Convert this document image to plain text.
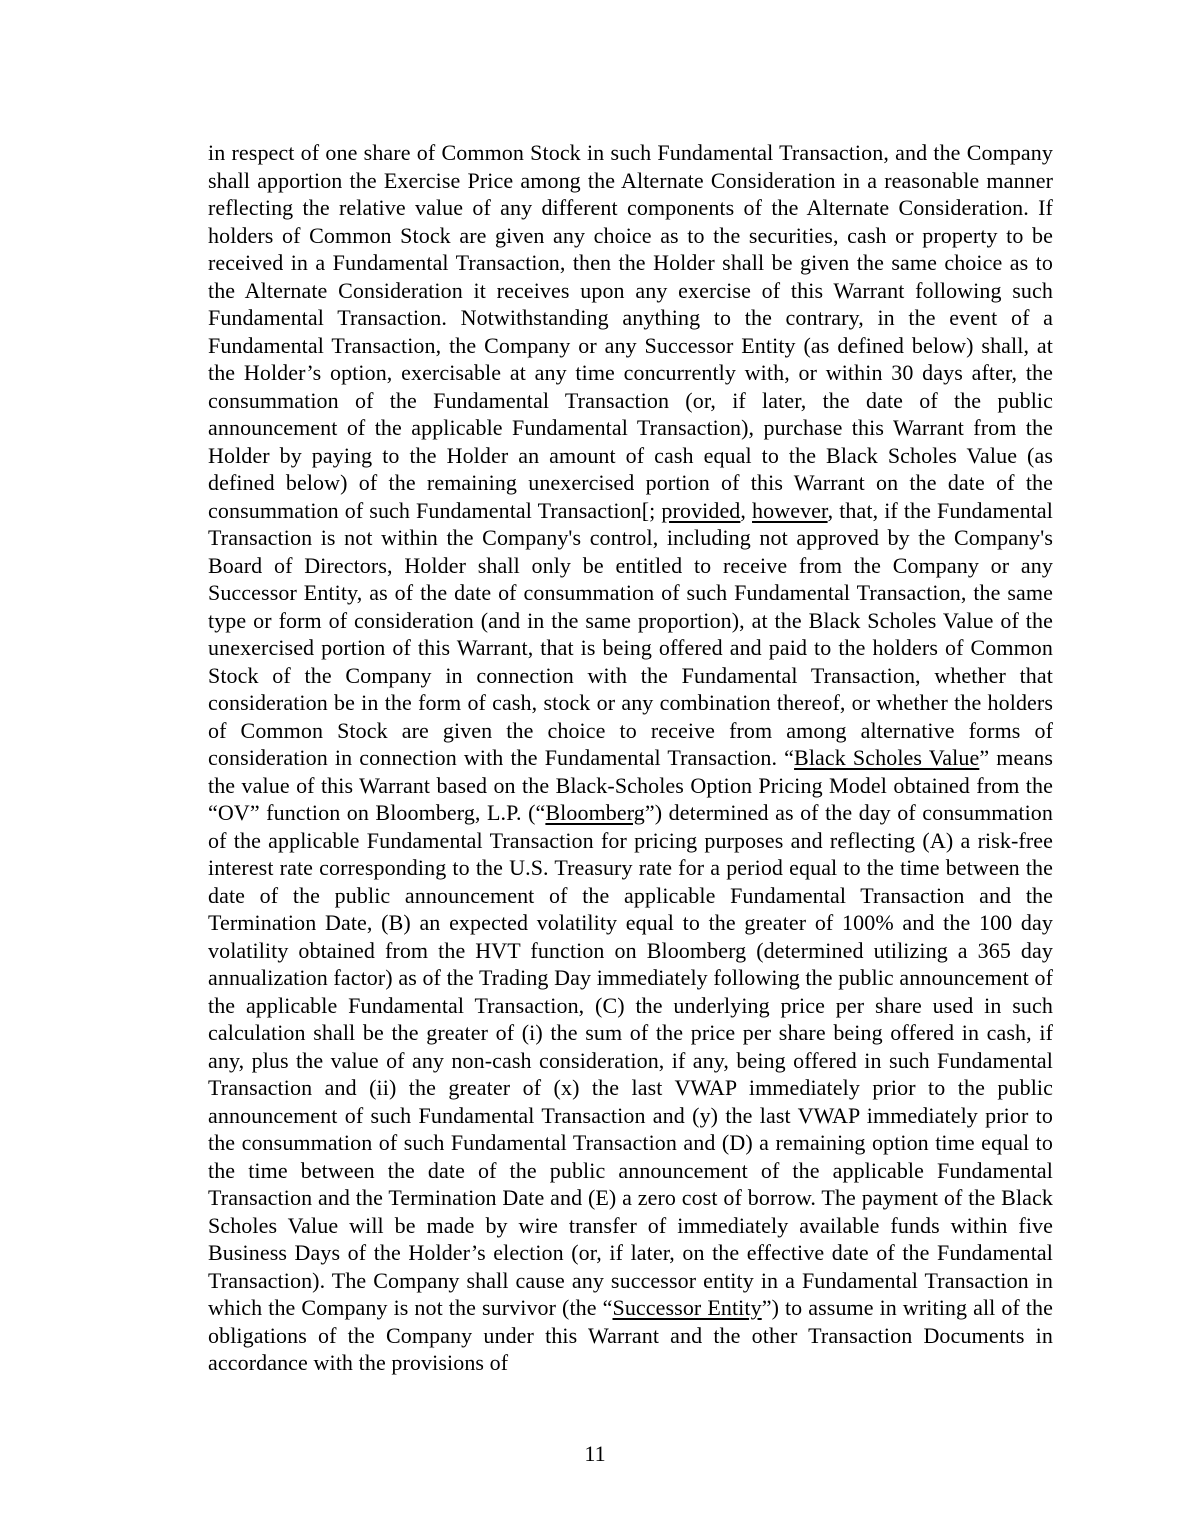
in respect of one share of Common Stock in such Fundamental Transaction, and the Company shall apportion the Exercise Price among the Alternate Consideration in a reasonable manner reflecting the relative value of any different components of the Alternate Consideration. If holders of Common Stock are given any choice as to the securities, cash or property to be received in a Fundamental Transaction, then the Holder shall be given the same choice as to the Alternate Consideration it receives upon any exercise of this Warrant following such Fundamental Transaction. Notwithstanding anything to the contrary, in the event of a Fundamental Transaction, the Company or any Successor Entity (as defined below) shall, at the Holder’s option, exercisable at any time concurrently with, or within 30 days after, the consummation of the Fundamental Transaction (or, if later, the date of the public announcement of the applicable Fundamental Transaction), purchase this Warrant from the Holder by paying to the Holder an amount of cash equal to the Black Scholes Value (as defined below) of the remaining unexercised portion of this Warrant on the date of the consummation of such Fundamental Transaction[; provided, however, that, if the Fundamental Transaction is not within the Company's control, including not approved by the Company's Board of Directors, Holder shall only be entitled to receive from the Company or any Successor Entity, as of the date of consummation of such Fundamental Transaction, the same type or form of consideration (and in the same proportion), at the Black Scholes Value of the unexercised portion of this Warrant, that is being offered and paid to the holders of Common Stock of the Company in connection with the Fundamental Transaction, whether that consideration be in the form of cash, stock or any combination thereof, or whether the holders of Common Stock are given the choice to receive from among alternative forms of consideration in connection with the Fundamental Transaction. “Black Scholes Value” means the value of this Warrant based on the Black-Scholes Option Pricing Model obtained from the “OV” function on Bloomberg, L.P. (“Bloomberg”) determined as of the day of consummation of the applicable Fundamental Transaction for pricing purposes and reflecting (A) a risk-free interest rate corresponding to the U.S. Treasury rate for a period equal to the time between the date of the public announcement of the applicable Fundamental Transaction and the Termination Date, (B) an expected volatility equal to the greater of 100% and the 100 day volatility obtained from the HVT function on Bloomberg (determined utilizing a 365 day annualization factor) as of the Trading Day immediately following the public announcement of the applicable Fundamental Transaction, (C) the underlying price per share used in such calculation shall be the greater of (i) the sum of the price per share being offered in cash, if any, plus the value of any non-cash consideration, if any, being offered in such Fundamental Transaction and (ii) the greater of (x) the last VWAP immediately prior to the public announcement of such Fundamental Transaction and (y) the last VWAP immediately prior to the consummation of such Fundamental Transaction and (D) a remaining option time equal to the time between the date of the public announcement of the applicable Fundamental Transaction and the Termination Date and (E) a zero cost of borrow. The payment of the Black Scholes Value will be made by wire transfer of immediately available funds within five Business Days of the Holder’s election (or, if later, on the effective date of the Fundamental Transaction). The Company shall cause any successor entity in a Fundamental Transaction in which the Company is not the survivor (the “Successor Entity”) to assume in writing all of the obligations of the Company under this Warrant and the other Transaction Documents in accordance with the provisions of

11
